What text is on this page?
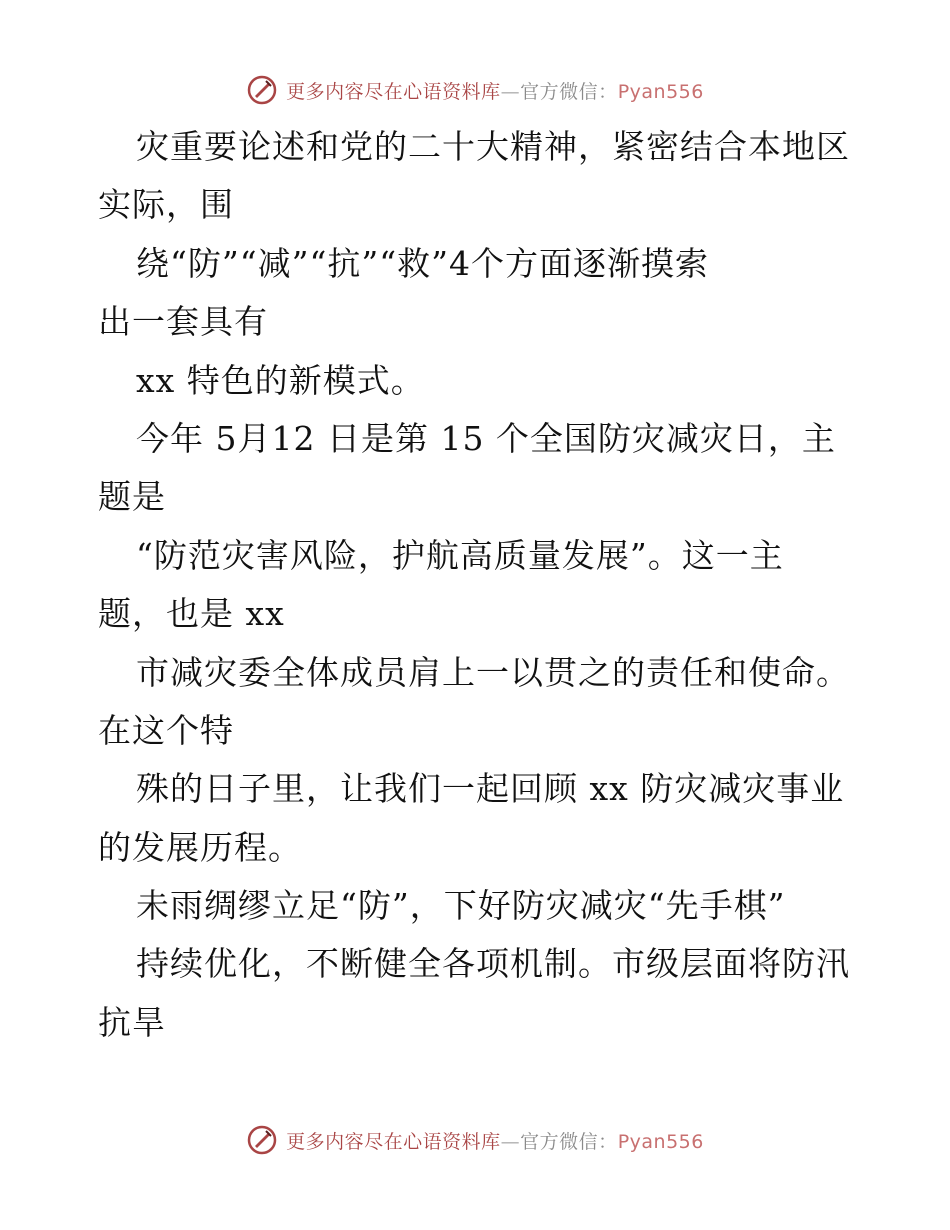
更多内容尽在心语资料库—官方微信：Pyan556
灾重要论述和党的二十大精神，紧密结合本地区
实际，围
绕“防”“减”“抗”“救”4个方面逐渐摸索
出一套具有
xx 特色的新模式。
今年 5月12 日是第 15 个全国防灾减灾日，主
题是
“防范灾害风险，护航高质量发展”。这一主
题，也是 xx
市减灾委全体成员肩上一以贯之的责任和使命。
在这个特
殊的日子里，让我们一起回顾 xx 防灾减灾事业
的发展历程。
未雨绸缪立足“防”，下好防灾减灾“先手棋”
持续优化，不断健全各项机制。市级层面将防汛
抗旱
更多内容尽在心语资料库—官方微信：Pyan556
